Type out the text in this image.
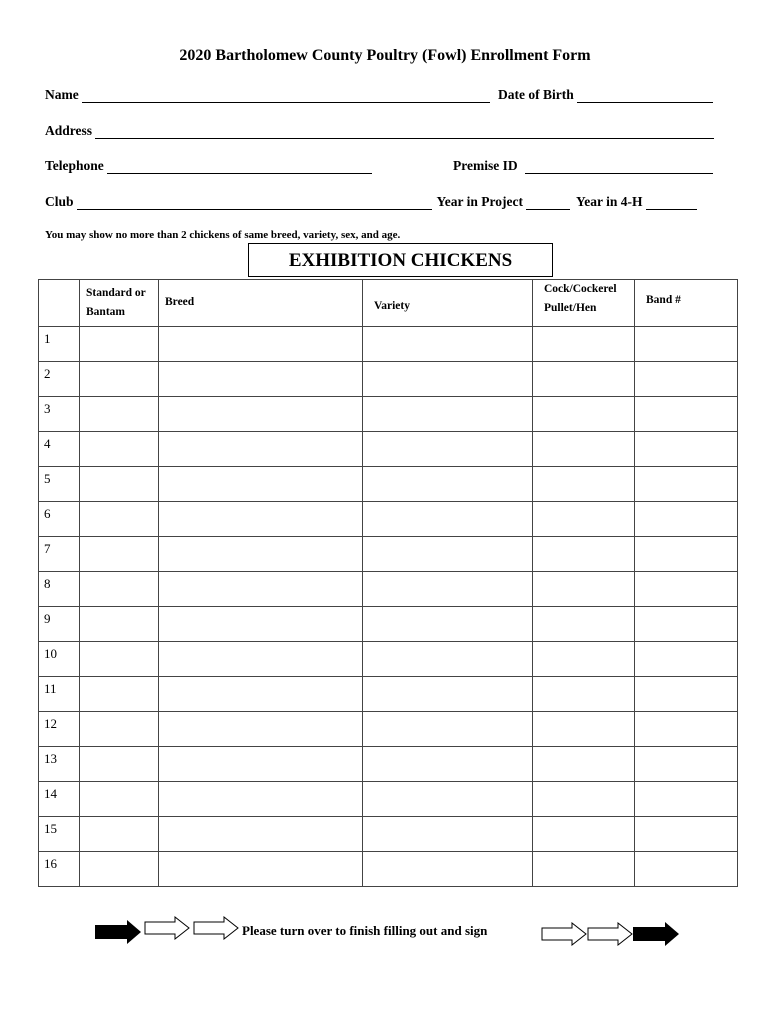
2020 Bartholomew County Poultry (Fowl) Enrollment Form
Name	Date of Birth
Address
Telephone	Premise ID
Club	Year in Project	Year in 4-H
You may show no more than 2 chickens of same breed, variety, sex, and age.
EXHIBITION CHICKENS

	Standard or Bantam	Breed	Variety	Cock/Cockerel Pullet/Hen	Band #

1					

2					

3					

4					

5					

6					

7					

8					

9					

10					

11					

12					

13					

14					

15					

16					

Please turn over to finish filling out and sign
